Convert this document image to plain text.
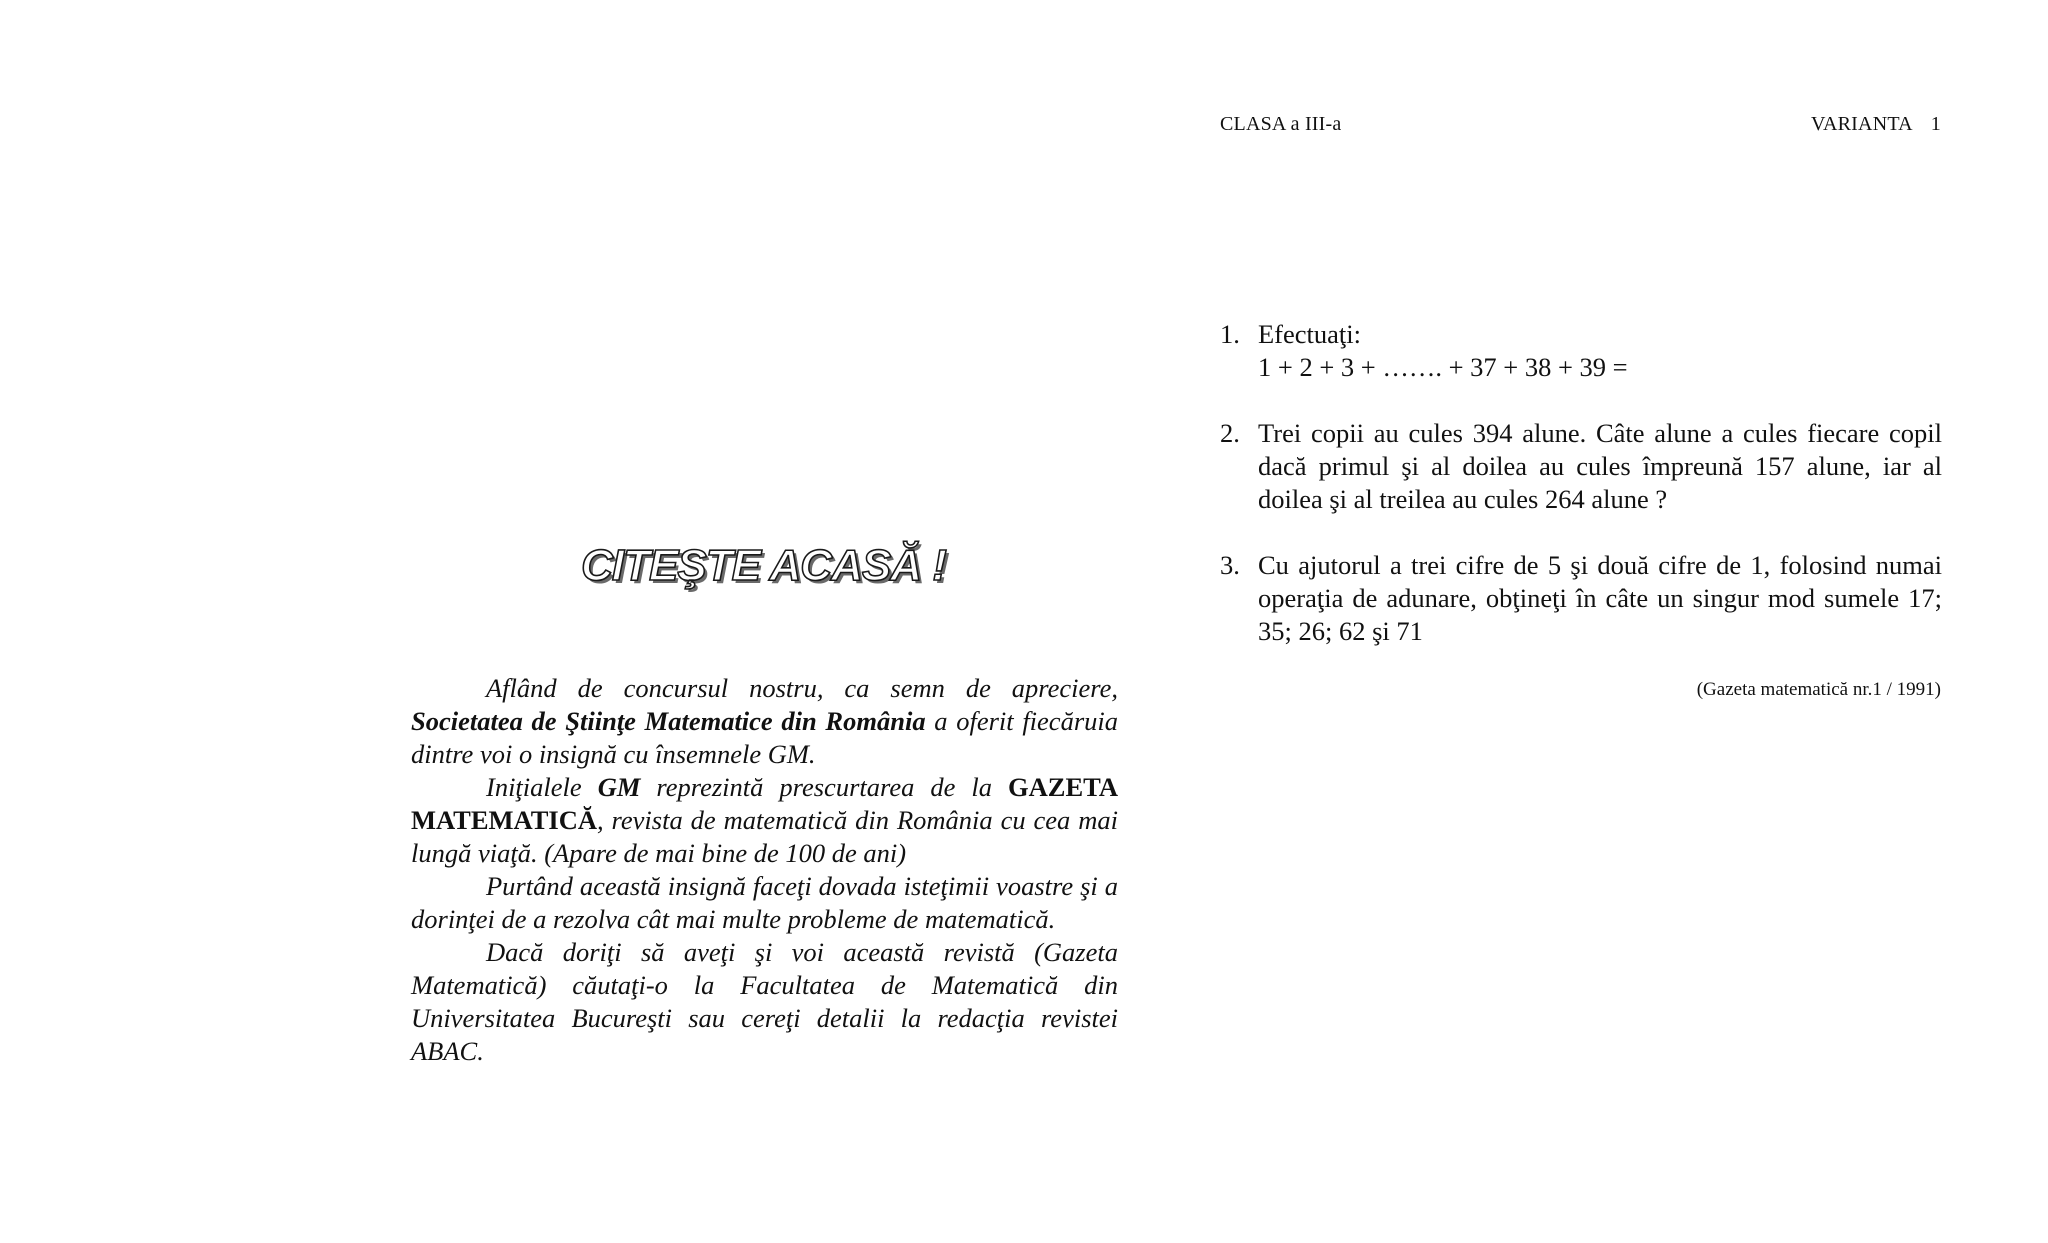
CLASA a III-a	VARIANTA 1
CITEŞTE ACASĂ !

Aflând de concursul nostru, ca semn de apreciere, Societatea de Ştiinţe Matematice din România a oferit fiecăruia dintre voi o insignă cu însemnele GM.

Iniţialele GM reprezintă prescurtarea de la GAZETA MATEMATICĂ, revista de matematică din România cu cea mai lungă viaţă. (Apare de mai bine de 100 de ani)

Purtând această insignă faceţi dovada isteţimii voastre şi a dorinţei de a rezolva cât mai multe probleme de matematică.

Dacă doriţi să aveţi şi voi această revistă (Gazeta Matematică) căutaţi-o la Facultatea de Matematică din Universitatea Bucureşti sau cereţi detalii la redacţia revistei ABAC.

1. Efectuaţi:
1 + 2 + 3 + ……. + 37 + 38 + 39 =
2. Trei copii au cules 394 alune. Câte alune a cules fiecare copil dacă primul şi al doilea au cules împreună 157 alune, iar al doilea şi al treilea au cules 264 alune ?
3. Cu ajutorul a trei cifre de 5 şi două cifre de 1, folosind numai operaţia de adunare, obţineţi în câte un singur mod sumele 17; 35; 26; 62 şi 71
(Gazeta matematică nr.1 / 1991)
